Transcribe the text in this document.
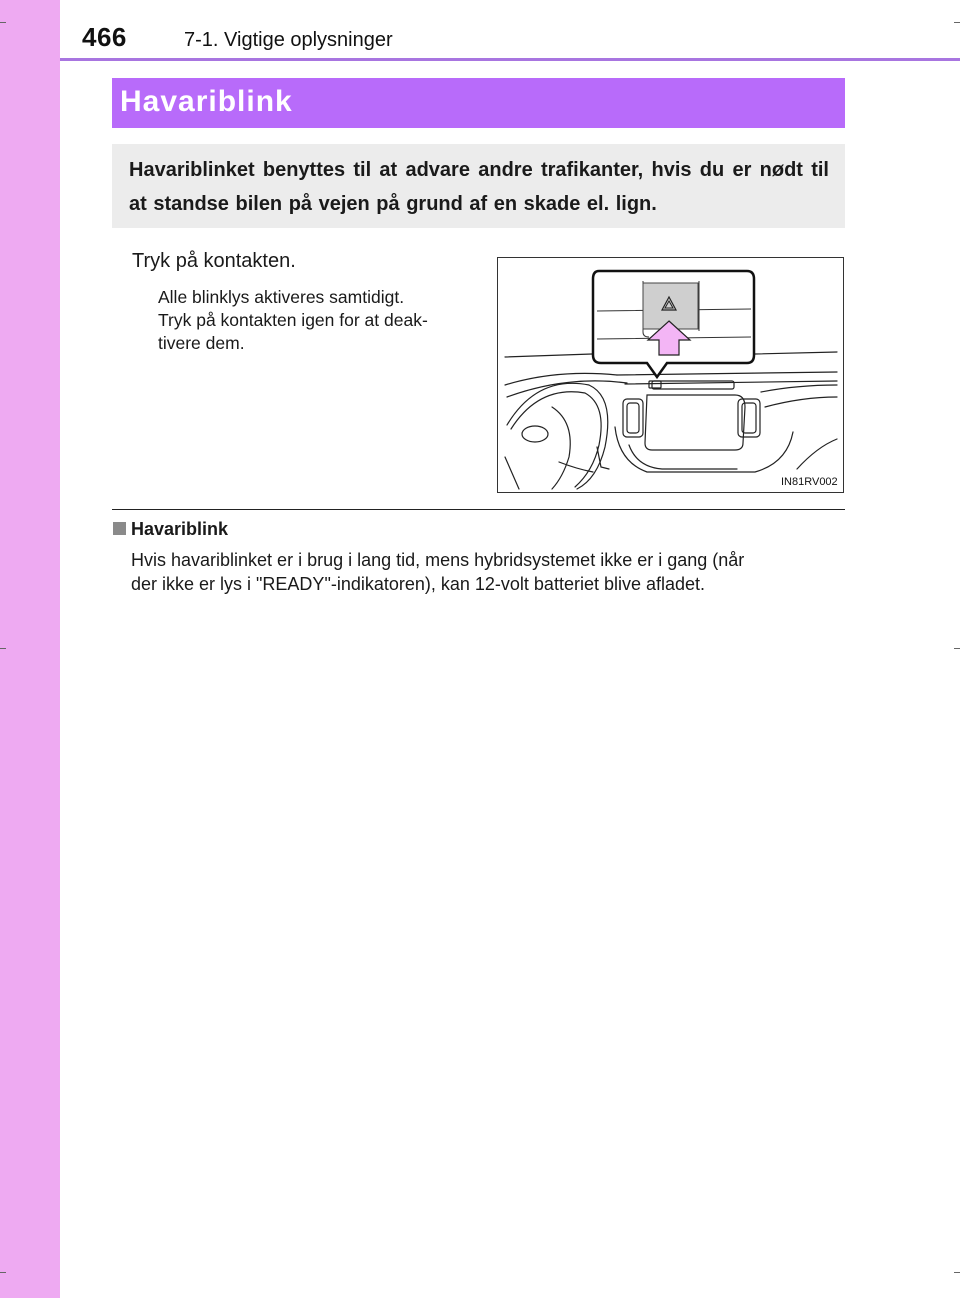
466	7-1. Vigtige oplysninger
Havariblink
Havariblinket benyttes til at advare andre trafikanter, hvis du er nødt til at standse bilen på vejen på grund af en skade el. lign.
Tryk på kontakten.
Alle blinklys aktiveres samtidigt.
Tryk på kontakten igen for at deak-
tivere dem.
IN81RV002
Havariblink
Hvis havariblinket er i brug i lang tid, mens hybridsystemet ikke er i gang (når
der ikke er lys i "READY"-indikatoren), kan 12-volt batteriet blive afladet.
